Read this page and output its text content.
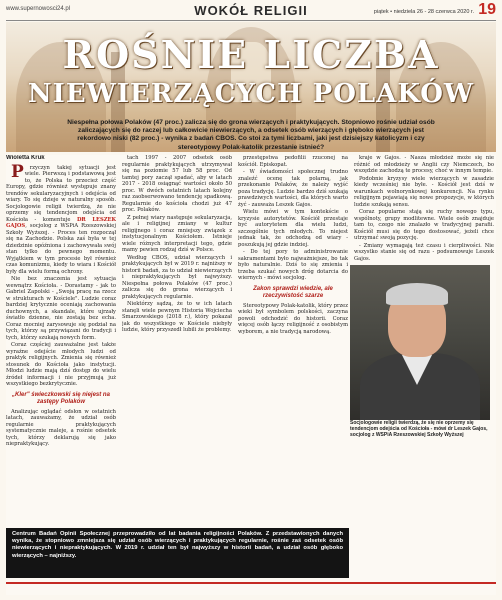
www.supernowosci24.pl	WOKÓŁ RELIGII	piątek • niedziela 26 - 28 czerwca 2020 r. 19
ROŚNIE LICZBA
NIEWIERZĄCYCH POLAKÓW
Niespełna połowa Polaków (47 proc.) zalicza się do grona wierzących i praktykujących. Stopniowo rośnie udział osób zaliczających się do raczej lub całkowicie niewierzących, a odsetek osób wierzących i głęboko wierzących jest rekordowo niski (82 proc.) - wynika z badań CBOS. Co stoi za tymi liczbami, jaki jest dzisiejszy katolicyzm i czy stereotypowy Polak-katolik przestanie istnieć?
Wioletta Kruk

P rzyczyn takiej sytuacji jest wiele. Pierwszą i podstawową jest to, że Polska to przecież część Europy, gdzie również występuje znany trendów sekularyzacyjnych i odejścia od wiary. To się dzieje w naturalny sposób. Socjologowie religii twierdzą, że nie oprzemy się tendencjom odejścia od Kościoła - komentuje DR LESZEK GAJOS, socjolog z WSPiA Rzeszowskiej Szkoły Wyższej. - Proces ten rozpoczął się na Zachodzie. Polska zaś była w tej dziedzinie opóźniona i zachowywała swój stan tylko do pewnego momentu. Wyjątkiem w tym procesie był również czas komunizmu, kiedy to wiara i Kościół były dla wielu formą ochrony.

Nie bez znaczenia jest sytuacja wewnątrz Kościoła. - Dorastamy - jak to Gabriel Zapolski - „Swoją pracę na rzecz w strukturach w Kościele". Ludzie coraz bardziej krytycznie oceniają zachowania duchownych, a skandale, które ujrzały światło dzienne, nie zostają bez echa. Coraz mocniej zarysowuje się podział na tych, którzy są przywiązani do tradycji i tych, którzy szukają nowych form.

Coraz częściej zauważalne jest także wyraźne odejście młodych ludzi od praktyk religijnych. Zmienia się również stosunek do Kościoła jako instytucji. Młodzi ludzie mają dziś dostęp do wielu źródeł informacji i nie przyjmują już wszystkiego bezkrytycznie.

„Kler" świeczkowski się niejest na zastępy Polaków

Analizując oglądać odsłon w ostatnich latach, zauważamy, że udział osób regularnie praktykujących systematycznie maleje, a rośnie odsetek tych, którzy deklarują się jako niepraktykujący.

tach 1997 - 2007 odsetek osób regularnie praktykujących utrzymywał się na poziomie 57 lub 58 proc. Od tamtej pory zaczął spadać, aby w latach 2017 - 2018 osiągnąć wartości około 50 proc. W dwóch ostatnich latach kolejny raz zaobserwowano tendencję spadkową. Regularnie do kościoła chodzi już 47 proc. Polaków.

Z pełnej wiary następuje sekularyzacja, ale i religijnej zmiany w kultur religijnego i coraz mniejszy związek z instytucjonalnym Kościołem. Istnieje wiele różnych interpretacji tego, gdzie mamy pewien rodzaj dziś w Polsce.

Według CBOS, udział wierzących i praktykujących był w 2019 r. najniższy w historii badań, za to udział niewierzących i niepraktykujących był najwyższy. Niespełna połowa Polaków (47 proc.) zalicza się do grona wierzących i praktykujących regularnie.

Niektórzy sądzą, że to w ich latach stanęli wiele pewnym Historia Wojciecha Smarzowskiego (2018 r.), który pokazał jak do wszystkiego w Kościele niebyły ludzie, który przyszedł lubili że problemy.

przestępstwa pedofilii rzuconej na kościół. Episkopat.

- W świadomości społecznej trudno znaleźć ocenę tak polarną, jak przekonanie Polaków, że należy wyjść poza tradycję. Ludzie bardzo dziś szukają prawdziwych wartości, dla których warto żyć - zauważa Leszek Gajos.

Wielu mówi w tym kontekście o kryzysie autorytetów. Kościół przestaje być autorytetem dla wielu ludzi, szczególnie tych młodych. To niejest jednak tak, że odchodzą od wiary - poszukują jej gdzie indziej.

- Do tej pory to administrowanie sakramentami było najważniejsze, bo tak było naturalnie. Dziś to się zmienia i trzeba szukać nowych dróg dotarcia do wiernych - mówi socjolog.

Zakon sprawdzi wiedzie, ale rzeczywistość szarze

Stereotypowy Polak-katolik, który przez wieki był symbolem polskości, zaczyna powoli odchodzić do historii. Coraz więcej osób łączy religijność z osobistym wyborem, a nie tradycją narodową.

kraje w Gajos. - Nasza młodzież może się nie różnić od młodzieży w Anglii czy Niemczech, bo wszędzie zachodzą te procesy, choć w innym tempie.

Podobnie kryzysy wiele wierzących w zasadzie kiedy wcześniej nie byłe. - Kościół jest dziś w warunkach wolnorynkowej konkurencji. Na rynku religijnym pojawiają się nowe propozycje, w których ludzie szukają sensu.

Coraz popularne stają się ruchy nowego typu, wspólnoty, grupy modlitewne. Wiele osób znajduje tam to, czego nie znalazło w tradycyjnej parafii. Kościół musi się do tego dostosować, jeżeli chce utrzymać swoją pozycję.

- Zmiany wymagają też czasu i cierpliwości. Nie wszystko stanie się od razu - podsumowuje Leszek Gajos.

Socjologowie religii twierdzą, że się nie oprzemy się tendencjom odejścia od Kościoła - mówi dr Leszek Gajos, socjolog z WSPiA Rzeszowskiej Szkoły Wyższej
Centrum Badań Opinii Społecznej przeprowadziło od lat badania religijności Polaków. Z przedstawionych danych wynika, że stopniowo zmniejsza się udział osób wierzących i praktykujących regularnie, rośnie zaś odsetek osób niewierzących i niepraktykujących. W 2019 r. udział ten był najwyższy w historii badań, a udział osób głęboko wierzących – najniższy.
